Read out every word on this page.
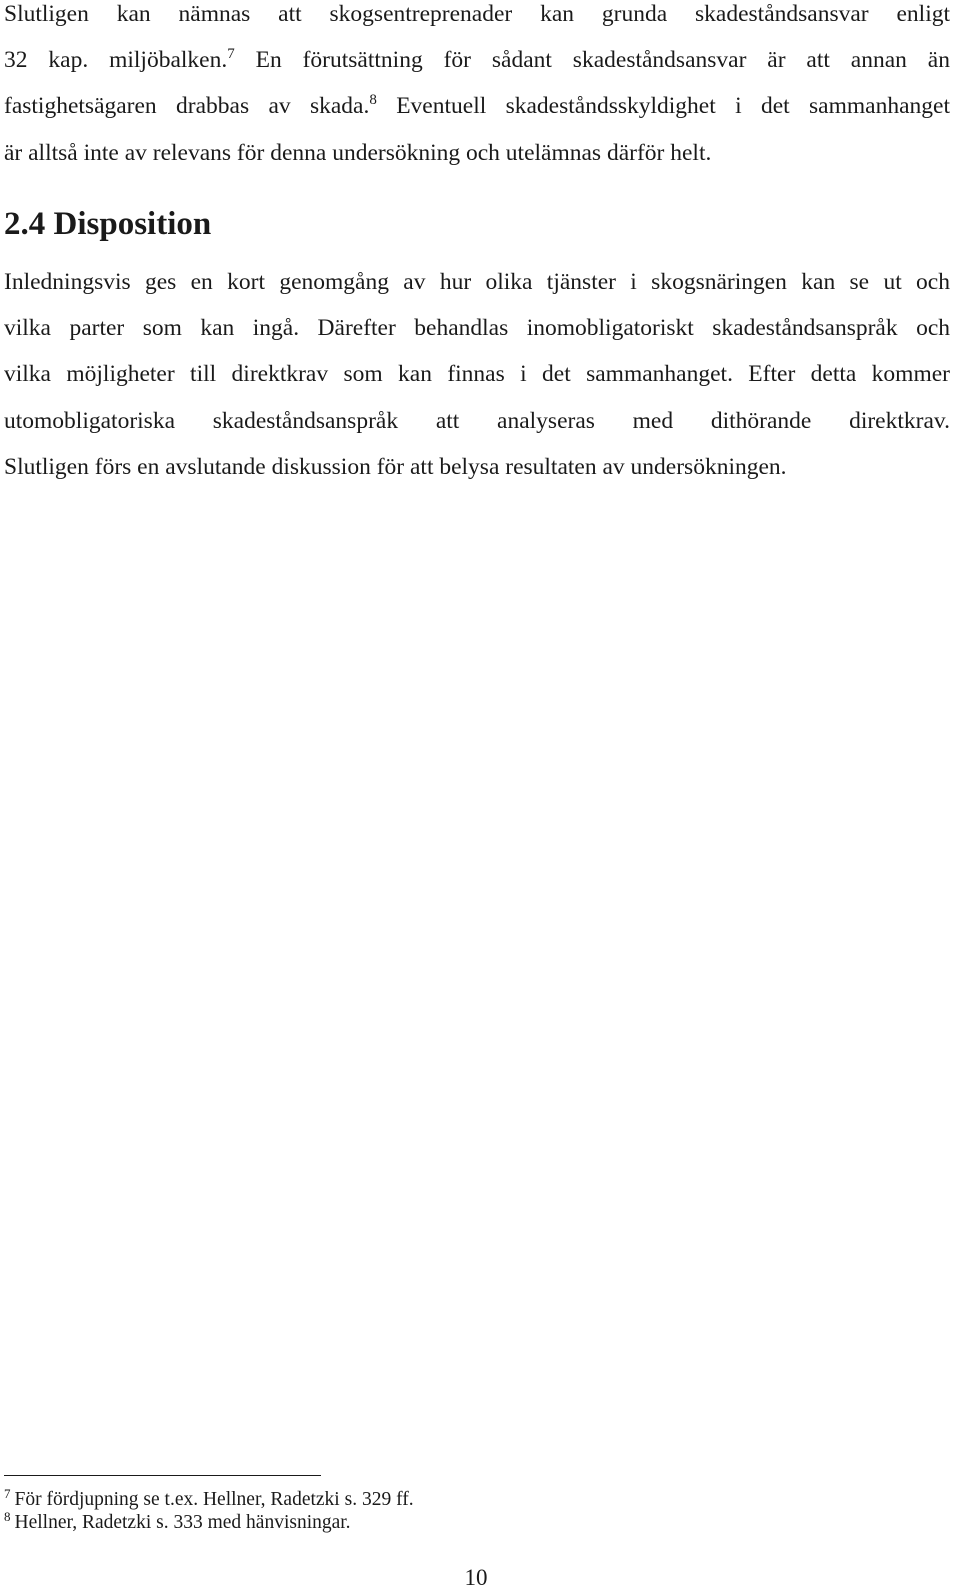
Slutligen kan nämnas att skogsentreprenader kan grunda skadeståndsansvar enligt
32 kap. miljöbalken.$^7$ En förutsättning för sådant skadeståndsansvar är att annan än
fastighetsägaren drabbas av skada.$^8$ Eventuell skadeståndsskyldighet i det sammanhanget
är alltså inte av relevans för denna undersökning och utelämnas därför helt.
2.4 Disposition
Inledningsvis ges en kort genomgång av hur olika tjänster i skogsnäringen kan se ut och
vilka parter som kan ingå. Därefter behandlas inomobligatoriskt skadeståndsanspråk och
vilka möjligheter till direktkrav som kan finnas i det sammanhanget. Efter detta kommer
utomobligatoriska skadeståndsanspråk att analyseras med dithörande direktkrav.
Slutligen förs en avslutande diskussion för att belysa resultaten av undersökningen.
$^7$ För fördjupning se t.ex. Hellner, Radetzki s. 329 ff.
$^8$ Hellner, Radetzki s. 333 med hänvisningar.
10
